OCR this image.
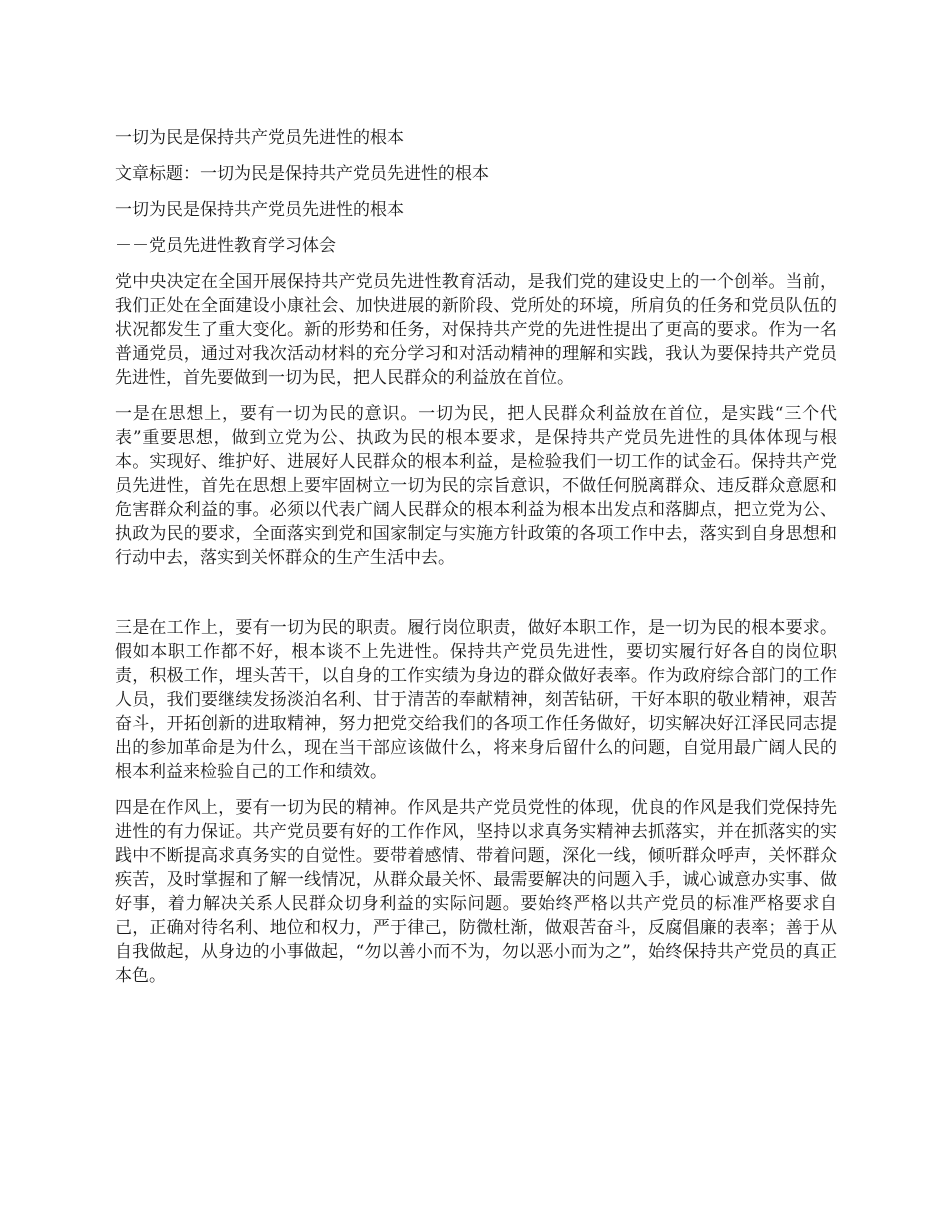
一切为民是保持共产党员先进性的根本

文章标题：一切为民是保持共产党员先进性的根本

一切为民是保持共产党员先进性的根本

－－党员先进性教育学习体会

党中央决定在全国开展保持共产党员先进性教育活动，是我们党的建设史上的一个创举。当前，我们正处在全面建设小康社会、加快进展的新阶段、党所处的环境，所肩负的任务和党员队伍的状况都发生了重大变化。新的形势和任务，对保持共产党的先进性提出了更高的要求。作为一名普通党员，通过对我次活动材料的充分学习和对活动精神的理解和实践，我认为要保持共产党员先进性，首先要做到一切为民，把人民群众的利益放在首位。

一是在思想上，要有一切为民的意识。一切为民，把人民群众利益放在首位，是实践“三个代表”重要思想，做到立党为公、执政为民的根本要求，是保持共产党员先进性的具体体现与根本。实现好、维护好、进展好人民群众的根本利益，是检验我们一切工作的试金石。保持共产党员先进性，首先在思想上要牢固树立一切为民的宗旨意识，不做任何脱离群众、违反群众意愿和危害群众利益的事。必须以代表广阔人民群众的根本利益为根本出发点和落脚点，把立党为公、执政为民的要求，全面落实到党和国家制定与实施方针政策的各项工作中去，落实到自身思想和行动中去，落实到关怀群众的生产生活中去。

三是在工作上，要有一切为民的职责。履行岗位职责，做好本职工作，是一切为民的根本要求。假如本职工作都不好，根本谈不上先进性。保持共产党员先进性，要切实履行好各自的岗位职责，积极工作，埋头苦干，以自身的工作实绩为身边的群众做好表率。作为政府综合部门的工作人员，我们要继续发扬淡泊名利、甘于清苦的奉献精神，刻苦钻研，干好本职的敬业精神，艰苦奋斗，开拓创新的进取精神，努力把党交给我们的各项工作任务做好，切实解决好江泽民同志提出的参加革命是为什么，现在当干部应该做什么，将来身后留什么的问题，自觉用最广阔人民的根本利益来检验自己的工作和绩效。

四是在作风上，要有一切为民的精神。作风是共产党员党性的体现，优良的作风是我们党保持先进性的有力保证。共产党员要有好的工作作风，坚持以求真务实精神去抓落实，并在抓落实的实践中不断提高求真务实的自觉性。要带着感情、带着问题，深化一线，倾听群众呼声，关怀群众疾苦，及时掌握和了解一线情况，从群众最关怀、最需要解决的问题入手，诚心诚意办实事、做好事，着力解决关系人民群众切身利益的实际问题。要始终严格以共产党员的标准严格要求自己，正确对待名利、地位和权力，严于律己，防微杜渐，做艰苦奋斗，反腐倡廉的表率；善于从自我做起，从身边的小事做起，“勿以善小而不为，勿以恶小而为之”，始终保持共产党员的真正本色。
